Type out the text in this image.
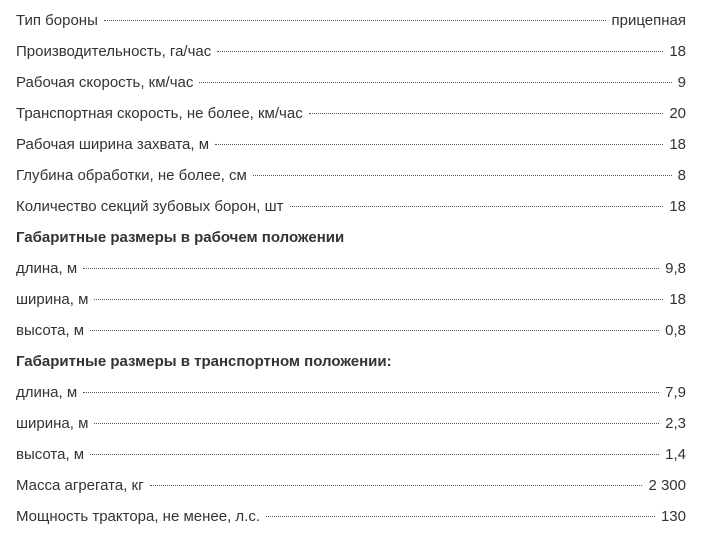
Тип бороны	прицепная
Производительность, га/час	18
Рабочая скорость, км/час	9
Транспортная скорость, не более, км/час	20
Рабочая ширина захвата, м	18
Глубина обработки, не более, см	8
Количество секций зубовых борон, шт	18
Габаритные размеры в рабочем положении
длина, м	9,8
ширина, м	18
высота, м	0,8
Габаритные размеры в транспортном положении:
длина, м	7,9
ширина, м	2,3
высота, м	1,4
Масса агрегата, кг	2 300
Мощность трактора, не менее, л.с.	130
